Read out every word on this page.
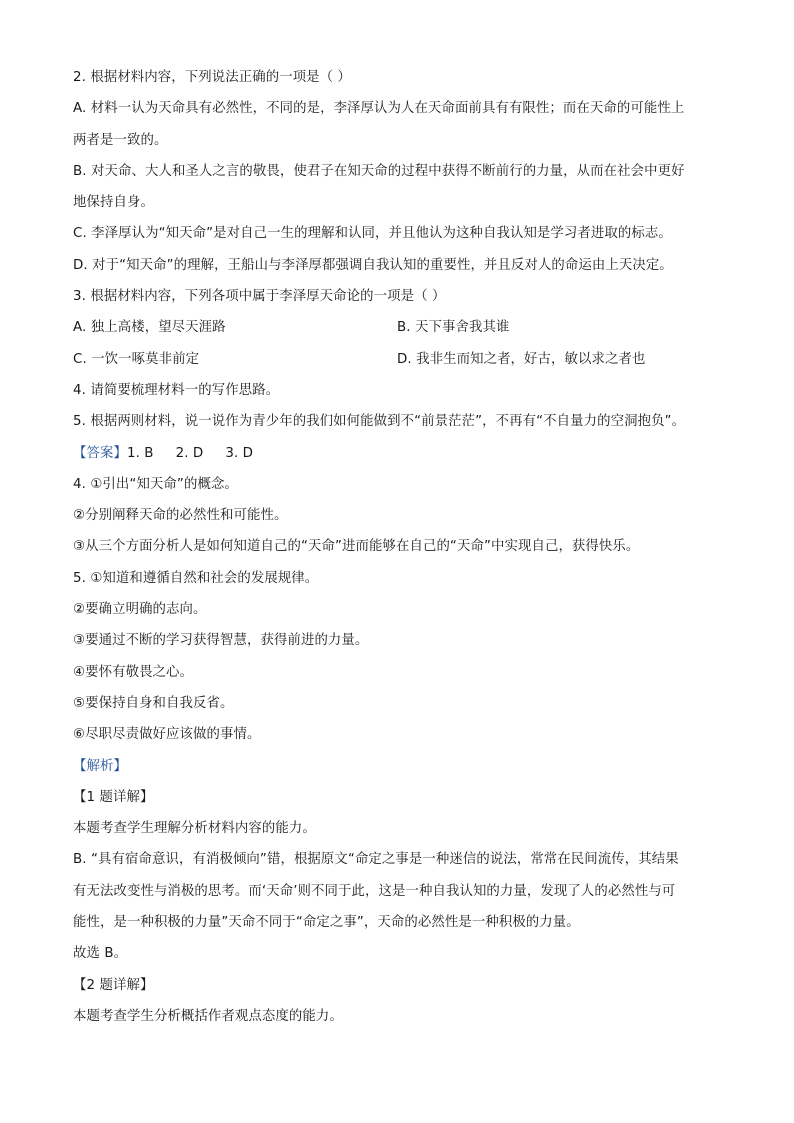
2. 根据材料内容，下列说法正确的一项是（ ）
A. 材料一认为天命具有必然性，不同的是，李泽厚认为人在天命面前具有有限性；而在天命的可能性上
两者是一致的。
B. 对天命、大人和圣人之言的敬畏，使君子在知天命的过程中获得不断前行的力量，从而在社会中更好
地保持自身。
C. 李泽厚认为“知天命”是对自己一生的理解和认同，并且他认为这种自我认知是学习者进取的标志。
D. 对于“知天命”的理解，王船山与李泽厚都强调自我认知的重要性，并且反对人的命运由上天决定。
3. 根据材料内容，下列各项中属于李泽厚天命论的一项是（ ）
A. 独上高楼，望尽天涯路	B. 天下事舍我其谁
C. 一饮一啄莫非前定	D. 我非生而知之者，好古，敏以求之者也
4. 请简要梳理材料一的写作思路。
5. 根据两则材料，说一说作为青少年的我们如何能做到不“前景茫茫”，不再有“不自量力的空洞抱负”。
【答案】1. B 2. D 3. D
4. ①引出“知天命”的概念。
②分别阐释天命的必然性和可能性。
③从三个方面分析人是如何知道自己的“天命”进而能够在自己的“天命”中实现自己，获得快乐。
5. ①知道和遵循自然和社会的发展规律。
②要确立明确的志向。
③要通过不断的学习获得智慧，获得前进的力量。
④要怀有敬畏之心。
⑤要保持自身和自我反省。
⑥尽职尽责做好应该做的事情。
【解析】
【1 题详解】
本题考查学生理解分析材料内容的能力。
B. “具有宿命意识，有消极倾向”错，根据原文“命定之事是一种迷信的说法，常常在民间流传，其结果
有无法改变性与消极的思考。而‘天命’则不同于此，这是一种自我认知的力量，发现了人的必然性与可
能性，是一种积极的力量”天命不同于“命定之事”，天命的必然性是一种积极的力量。
故选 B。
【2 题详解】
本题考查学生分析概括作者观点态度的能力。
